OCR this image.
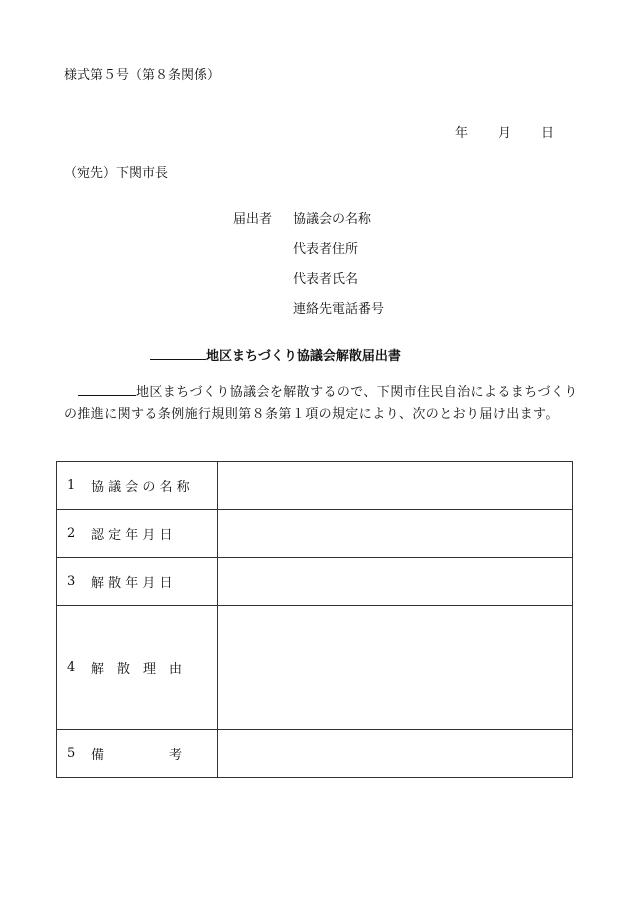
様式第５号（第８条関係）
年 月 日
（宛先）下関市長
届出者 協議会の名称
代表者住所
代表者氏名
連絡先電話番号
地区まちづくり協議会解散届出書
地区まちづくり協議会を解散するので、下関市住民自治によるまちづくりの推進に関する条例施行規則第８条第１項の規定により、次のとおり届け出ます。
1 協 議 会 の 名 称	

2 認 定 年 月 日	

3 解 散 年 月 日	

4 解　散　理　由	

5 備　　　　　考	
